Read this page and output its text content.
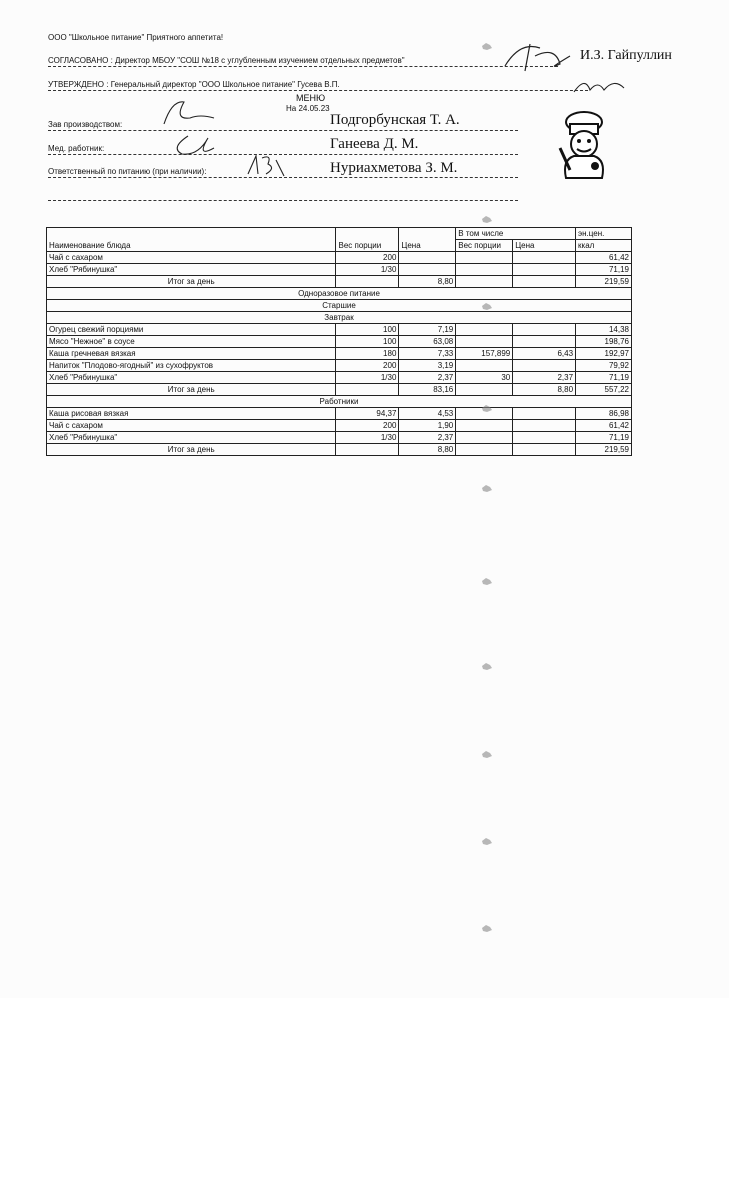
ООО "Школьное питание" Приятного аппетита!
СОГЛАСОВАНО : Директор МБОУ "СОШ №18 с углубленным изучением отдельных предметов"	И.З. Гайпуллин
УТВЕРЖДЕНО : Генеральный директор "ООО Школьное питание" Гусева В.П.
МЕНЮ
На 24.05.23
Зав производством:	Подгорбунская Т. А.
Мед. работник:	Ганеева Д. М.
Ответственный по питанию (при наличии):	Нуриахметова З. М.
Наименование блюда	Вес порции	Цена	В том числе		эн.цен.
			Вес порции	Цена	ккал
Чай с сахаром	200				61,42
Хлеб "Рябинушка"	1/30				71,19
Итог за день		8,80			219,59
Одноразовое питание					
Старшие					
Завтрак					
Огурец свежий порциями	100	7,19			14,38
Мясо "Нежное" в соусе	100	63,08			198,76
Каша гречневая вязкая	180	7,33	157,899	6,43	192,97
Напиток "Плодово-ягодный" из сухофруктов	200	3,19			79,92
Хлеб "Рябинушка"	1/30	2,37	30	2,37	71,19
Итог за день		83,16		8,80	557,22
Работники					
Каша рисовая вязкая	94,37	4,53			86,98
Чай с сахаром	200	1,90			61,42
Хлеб "Рябинушка"	1/30	2,37			71,19
Итог за день		8,80			219,59
